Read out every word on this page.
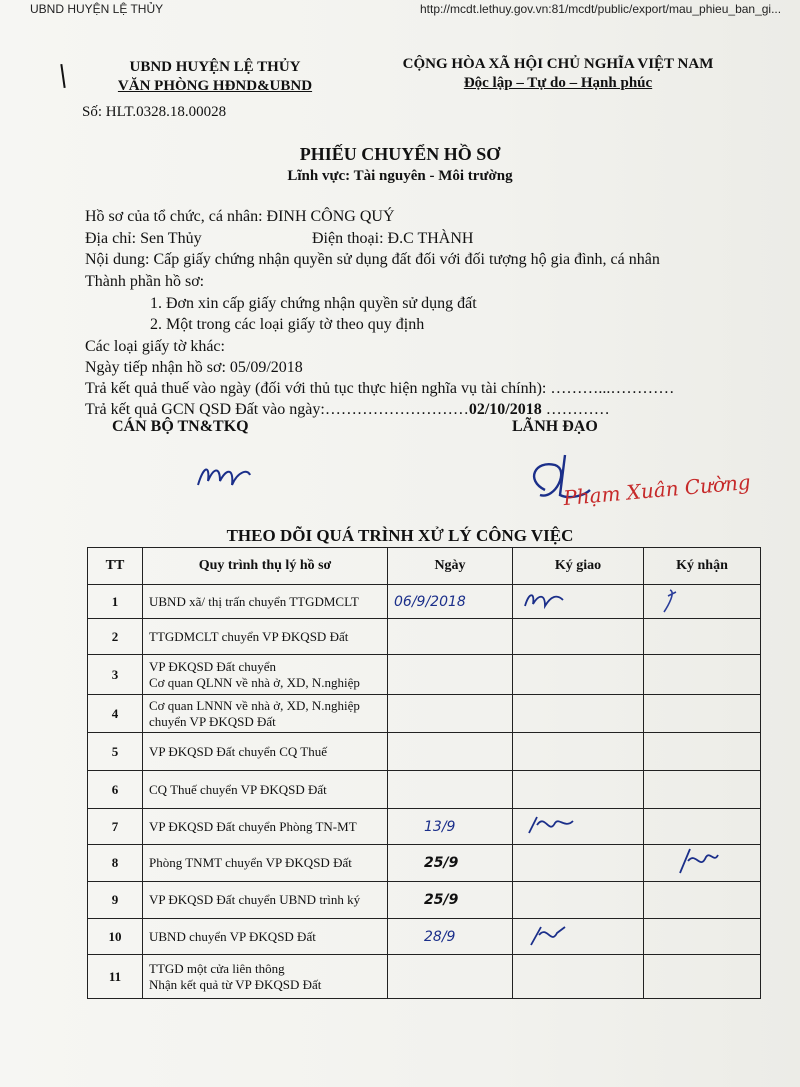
UBND HUYỆN LỆ THỦY	http://mcdt.lethuy.gov.vn:81/mcdt/public/export/mau_phieu_ban_gi...
UBND HUYỆN LỆ THỦY
VĂN PHÒNG HĐND&UBND
CỘNG HÒA XÃ HỘI CHỦ NGHĨA VIỆT NAM
Độc lập – Tự do – Hạnh phúc
Số: HLT.0328.18.00028
PHIẾU CHUYỂN HỒ SƠ
Lĩnh vực: Tài nguyên - Môi trường
Hồ sơ của tổ chức, cá nhân: ĐINH CÔNG QUÝ
Địa chỉ: Sen Thủy	Điện thoại: Đ.C THÀNH
Nội dung: Cấp giấy chứng nhận quyền sử dụng đất đối với đối tượng hộ gia đình, cá nhân
Thành phần hồ sơ:
1. Đơn xin cấp giấy chứng nhận quyền sử dụng đất
2. Một trong các loại giấy tờ theo quy định
Các loại giấy tờ khác:
Ngày tiếp nhận hồ sơ: 05/09/2018
Trả kết quả thuế vào ngày (đối với thủ tục thực hiện nghĩa vụ tài chính): ………...…………
Trả kết quả GCN QSD Đất vào ngày:………………………02/10/2018 …………
CÁN BỘ TN&TKQ	LÃNH ĐẠO
Phạm Xuân Cường
THEO DÕI QUÁ TRÌNH XỬ LÝ CÔNG VIỆC
TT	Quy trình thụ lý hồ sơ	Ngày	Ký giao	Ký nhận
1	UBND xã/ thị trấn chuyển TTGDMCLT	06/9/2018		
2	TTGDMCLT chuyển VP ĐKQSD Đất			

3	VP ĐKQSD Đất chuyển
Cơ quan QLNN về nhà ở, XD, N.nghiệp			

4	Cơ quan LNNN về nhà ở, XD, N.nghiệp
chuyển VP ĐKQSD Đất			

5	VP ĐKQSD Đất chuyển CQ Thuế			

6	CQ Thuế chuyển VP ĐKQSD Đất			

7	VP ĐKQSD Đất chuyển Phòng TN-MT	13/9		
8	Phòng TNMT chuyển VP ĐKQSD Đất	25/9		
9	VP ĐKQSD Đất chuyển UBND trình ký	25/9		
10	UBND chuyển VP ĐKQSD Đất	28/9		
11	TTGD một cửa liên thông
Nhận kết quả từ VP ĐKQSD Đất			
